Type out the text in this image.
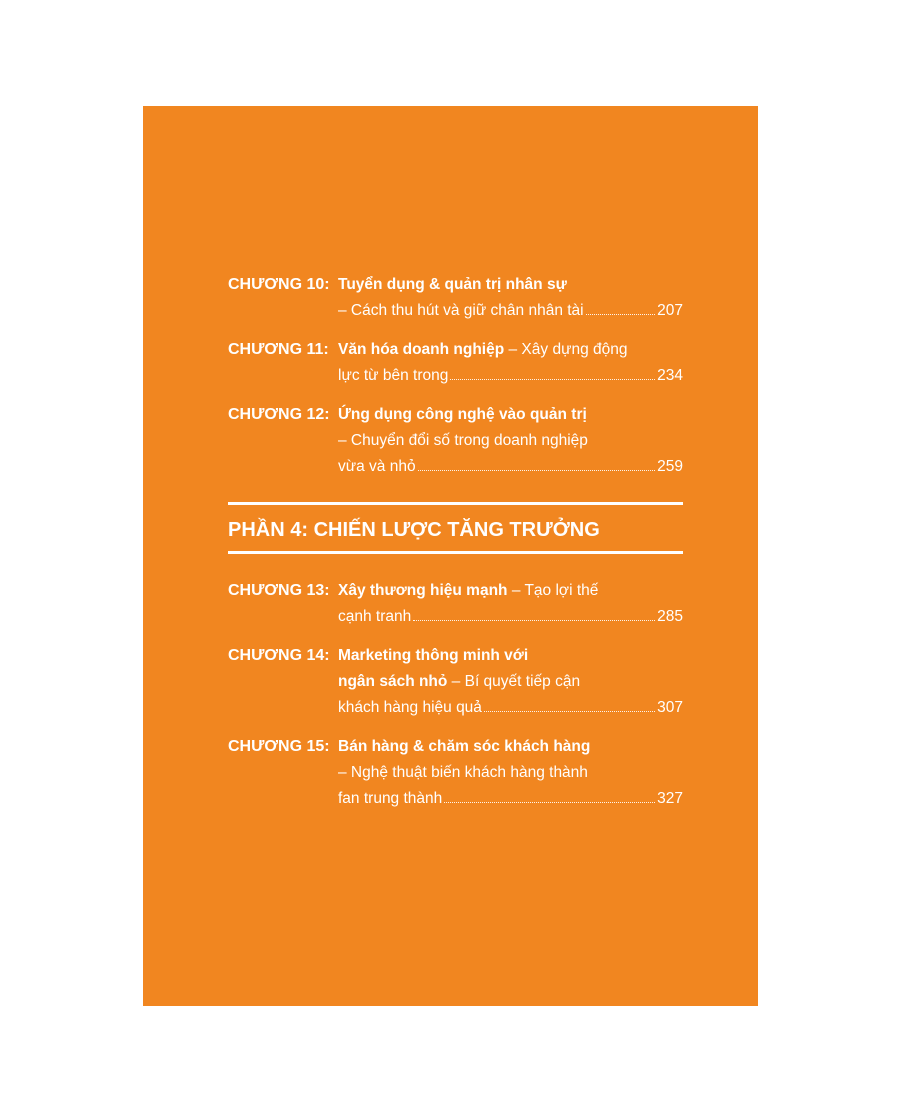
CHƯƠNG 10: Tuyển dụng & quản trị nhân sự
– Cách thu hút và giữ chân nhân tài	207
CHƯƠNG 11: Văn hóa doanh nghiệp – Xây dựng động
lực từ bên trong	234
CHƯƠNG 12: Ứng dụng công nghệ vào quản trị
– Chuyển đổi số trong doanh nghiệp
vừa và nhỏ	259
PHẦN 4: CHIẾN LƯỢC TĂNG TRƯỞNG
CHƯƠNG 13: Xây thương hiệu mạnh – Tạo lợi thế
cạnh tranh	285
CHƯƠNG 14: Marketing thông minh với
ngân sách nhỏ – Bí quyết tiếp cận
khách hàng hiệu quả	307
CHƯƠNG 15: Bán hàng & chăm sóc khách hàng
– Nghệ thuật biến khách hàng thành
fan trung thành	327
